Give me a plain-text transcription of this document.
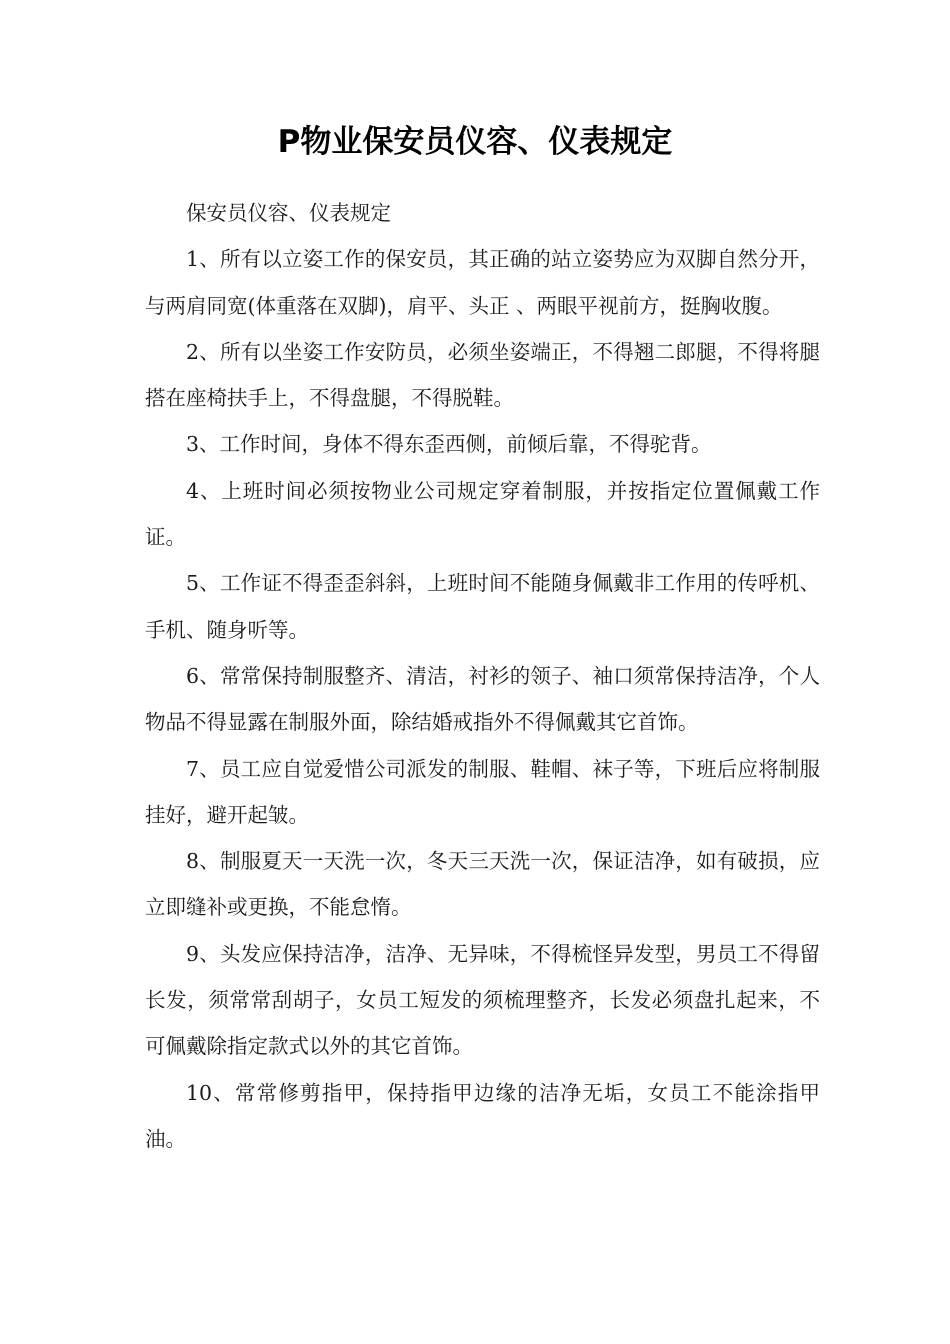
P物业保安员仪容、仪表规定

保安员仪容、仪表规定

1、所有以立姿工作的保安员，其正确的站立姿势应为双脚自然分开，与两肩同宽(体重落在双脚)，肩平、头正 、两眼平视前方，挺胸收腹。

2、所有以坐姿工作安防员，必须坐姿端正，不得翘二郎腿，不得将腿搭在座椅扶手上，不得盘腿，不得脱鞋。

3、工作时间，身体不得东歪西侧，前倾后靠，不得驼背。

4、上班时间必须按物业公司规定穿着制服，并按指定位置佩戴工作证。

5、工作证不得歪歪斜斜，上班时间不能随身佩戴非工作用的传呼机、手机、随身听等。

6、常常保持制服整齐、清洁，衬衫的领子、袖口须常保持洁净，个人物品不得显露在制服外面，除结婚戒指外不得佩戴其它首饰。

7、员工应自觉爱惜公司派发的制服、鞋帽、袜子等，下班后应将制服挂好，避开起皱。

8、制服夏天一天洗一次，冬天三天洗一次，保证洁净，如有破损，应立即缝补或更换，不能怠惰。

9、头发应保持洁净，洁净、无异味，不得梳怪异发型，男员工不得留长发，须常常刮胡子，女员工短发的须梳理整齐，长发必须盘扎起来，不可佩戴除指定款式以外的其它首饰。

10、常常修剪指甲，保持指甲边缘的洁净无垢，女员工不能涂指甲油。
